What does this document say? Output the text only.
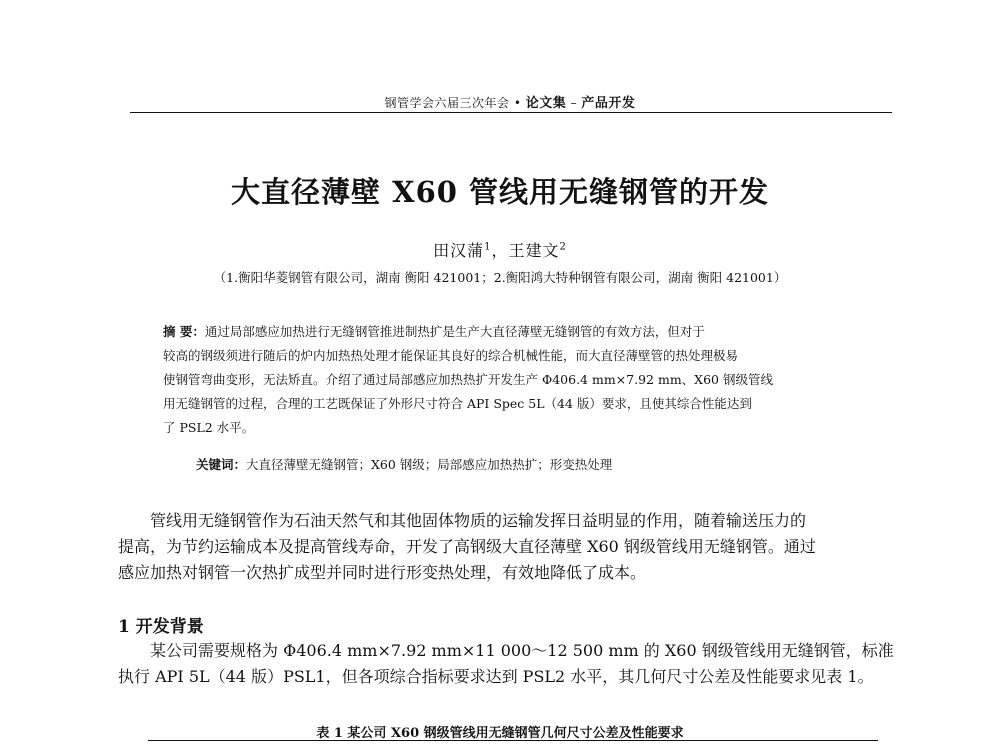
钢管学会六届三次年会 • 论文集 – 产品开发
大直径薄壁 X60 管线用无缝钢管的开发
田汉蒲$^1$，王建文$^2$
（1.衡阳华菱钢管有限公司，湖南 衡阳 421001；2.衡阳鸿大特种钢管有限公司，湖南 衡阳 421001）
摘 要：通过局部感应加热进行无缝钢管推进制热扩是生产大直径薄壁无缝钢管的有效方法，但对于
较高的钢级须进行随后的炉内加热热处理才能保证其良好的综合机械性能，而大直径薄壁管的热处理极易
使钢管弯曲变形，无法矫直。介绍了通过局部感应加热热扩开发生产 Φ406.4 mm×7.92 mm、X60 钢级管线
用无缝钢管的过程，合理的工艺既保证了外形尺寸符合 API Spec 5L（44 版）要求，且使其综合性能达到
了 PSL2 水平。
关键词：大直径薄壁无缝钢管；X60 钢级；局部感应加热热扩；形变热处理
管线用无缝钢管作为石油天然气和其他固体物质的运输发挥日益明显的作用，随着输送压力的
提高，为节约运输成本及提高管线寿命，开发了高钢级大直径薄壁 X60 钢级管线用无缝钢管。通过
感应加热对钢管一次热扩成型并同时进行形变热处理，有效地降低了成本。
1 开发背景
某公司需要规格为 Φ406.4 mm×7.92 mm×11 000～12 500 mm 的 X60 钢级管线用无缝钢管，标准
执行 API 5L（44 版）PSL1，但各项综合指标要求达到 PSL2 水平，其几何尺寸公差及性能要求见表 1。
表 1 某公司 X60 钢级管线用无缝钢管几何尺寸公差及性能要求
